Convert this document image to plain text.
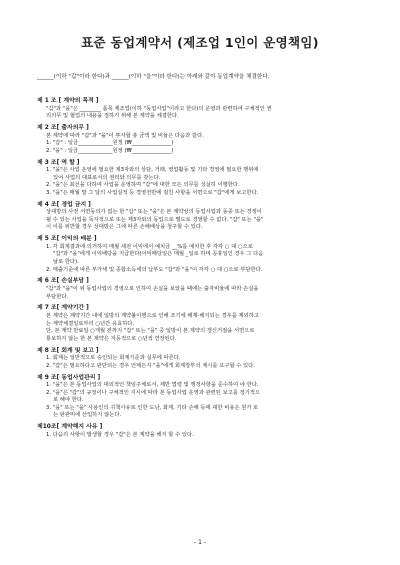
표준 동업계약서 (제조업 1인이 운영책임)
______(이하 "갑"이라 한다)과 ______(이하 "을"이라 한다)는 아래와 같이 동업계약을 체결한다.
제 1 조 [ 계약의 목적 ]
"갑"과 "을"은 ________ 품목 제조업(이하 "동업사업"이라고 한다)의 운영과 관련하여 구체적인 권
리의무 및 협업의 내용을 정하기 위해 본 계약을 체결한다.
제 2 조[ 출자의무 ]
본 계약에 따라 "갑"과 "을"이 투자할 총 금액 및 비율은 다음과 같다.
1. "갑" : 일금_____________원정 (₩_______________)
2. "을" : 일금_____________원정 (₩_______________)
제 3 조[ 역 할 ]
1. "을"은 사업 운영에 필요한 제3자와의 상담, 거래, 영업활동 및 기타 경영에 필요한 행위에
있어 사업의 대표로서의 권리와 의무를 갖는다.
2. "을"은 최선을 다하여 사업을 운영하며 "갑"에 대한 모든 의무를 성실히 이행한다.
3. "을"은 매월 말 그 달의 사업실적 등 경영전반에 걸친 사항을 서면으로 "갑"에게 보고한다.
제 4 조[ 경업 금지 ]
상대방의 사전 서면동의가 없는 한 "갑" 또는 "을"은 본 계약상의 동업사업과 동종 또는 경쟁이
될 수 있는 사업을 독자적으로 또는 제3자와의 동업으로 별도로 경영할 수 없다. "갑" 또는 "을"
이 이를 위반할 경우 상대방은 그에 따른 손해배상을 청구할 수 있다.
제 5 조[ 이익의 배분 ]
1. 각 회계결과에 의거하여 매월 세전 이익에서 예치금 __%를 예치한 후 각각 ○ 대 ○으로
"갑"과 "을"에게 이익배당을 지급한다(이익배당일은 매월 _일로 하며 공휴일인 경우 그 다음
날로 한다).
2. 매출기준에 따른 부가세 및 종합소득세의 납부도 "갑"과 "을"이 각각 ○ 대 ○으로 부담한다.
제 6 조[ 손실부담 ]
"갑"과 "을"이 위 동업사업의 경영으로 인하여 손실을 보았을 때에는 출자비율에 따라 손실을
부담한다.
제 7 조[ 계약기간 ]
본 계약은 계약기간 내에 일방의 계약불이행으로 인해 조기에 해제·해지되는 경우를 제외하고
는 계약체결일로부터 ○년간 유효하다.
단, 본 계약 만료일 ○개월 전까지 "갑" 또는 "을" 중 일방이 본 계약의 갱신거절을 서면으로
통보하지 않는 한 본 계약은 자동적으로 ○년씩 연장된다.
제 8 조[ 회계 및 보고 ]
1. 회계는 일반적으로 승인되는 회계기준과 실무에 따른다.
2. "갑"은 필요하다고 판단되는 경우 언제든지 "을"에게 회계장부의 제시를 요구할 수 있다.
제 9 조[ 동업사업관리 ]
1. "을"은 본 동업사업의 대외적인 책임주체로서, 제반 법령 및 행정사항을 준수하여 야 한다.
2. "을"은 "갑"의 규정이나 구체적인 지시에 따라 본 동업사업 운영과 관련된 보고를 정기적으
로 해야 한다.
3. "을" 또는 "을" 사용인의 귀책사유로 인한 도난, 화재, 기타 손해 등에 대한 비용은 원가 또
는 판관비에 산입하지 않는다.
제10조[ 계약해지 사유 ]
1. 다음의 사항이 발생할 경우 "갑"은 본 계약을 해지 할 수 있다.
- 1 -
